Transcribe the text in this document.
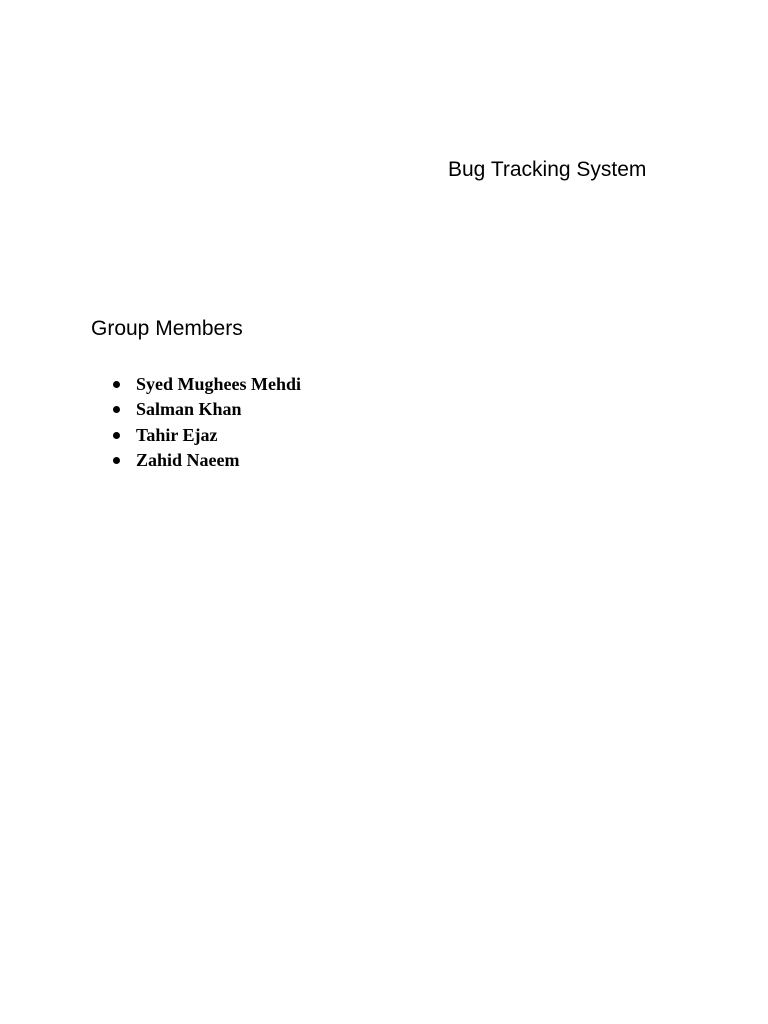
Bug Tracking System
Group Members
Syed Mughees Mehdi
Salman Khan
Tahir Ejaz
Zahid Naeem
